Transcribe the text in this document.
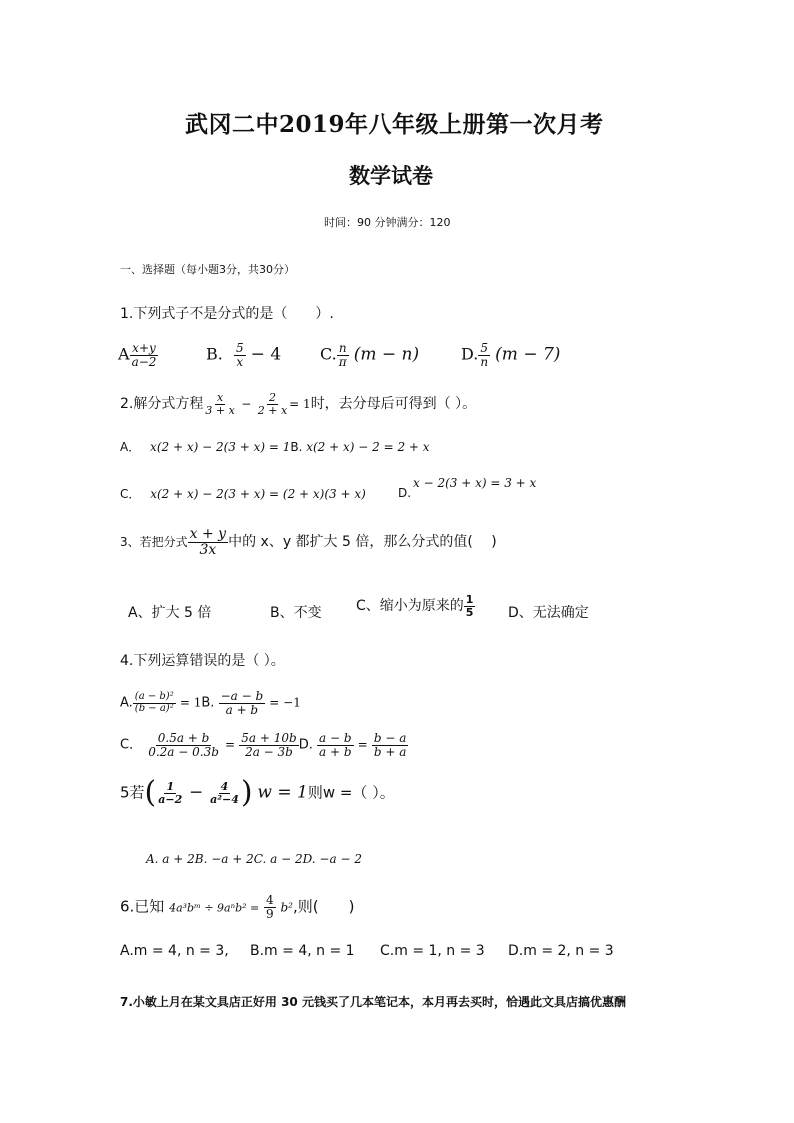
武冈二中2019年八年级上册第一次月考
数学试卷
时间：90 分钟满分：120
一、选择题（每小题3分，共30分）
1.下列式子不是分式的是（　　）.
A $\frac{x+y}{a-2}$	B. $\frac{5}{x} - 4$ C. $\frac{n}{\pi} (m - n)$	D. $\frac{5}{n} (m - 7)$
2.解分式方程 $\frac{x}{3 + x} - \frac{2}{2 + x} = 1$时，去分母后可得到（ ）。
A． x(2 + x) − 2(3 + x) = 1B. x(2 + x) − 2 = 2 + x
C． x(2 + x) − 2(3 + x) = (2 + x)(3 + x)	D.
x − 2(3 + x) = 3 + x
3、若把分式 $\frac{x + y}{3x}$ 中的 x、y 都扩大 5 倍，那么分式的值(　 )
A、扩大 5 倍	B、不变 C、缩小为原来的 $\frac{1}{5}$ D、无法确定
4.下列运算错误的是（ ）。
A. $\frac{\text{(a − b)²}}{\text{(b − a)²}} = 1B$. $\frac{-a - b}{a + b} = -1$
C． $\frac{0.5a + b}{0.2a - 0.3b} = \frac{5a + 10b}{2a - 3b} D$. $\frac{a - b}{a + b} = \frac{b - a}{b + a}$
5若( $\frac{1}{a-2} - \frac{4}{\text{a²−4}}$ ) w = 1则w =（ ）。
A. a + 2B. −a + 2C. a − 2D. −a − 2
6.已知 4a³bᵐ ÷ $9a^nb^2 = \frac{4}{9} b^2$,则(　　)
A.m = 4, n = 3, B.m = 4, n = 1 C.m = 1, n = 3 D.m = 2, n = 3
7.小敏上月在某文具店正好用 30 元钱买了几本笔记本，本月再去买时，恰遇此文具店搞优惠酬
